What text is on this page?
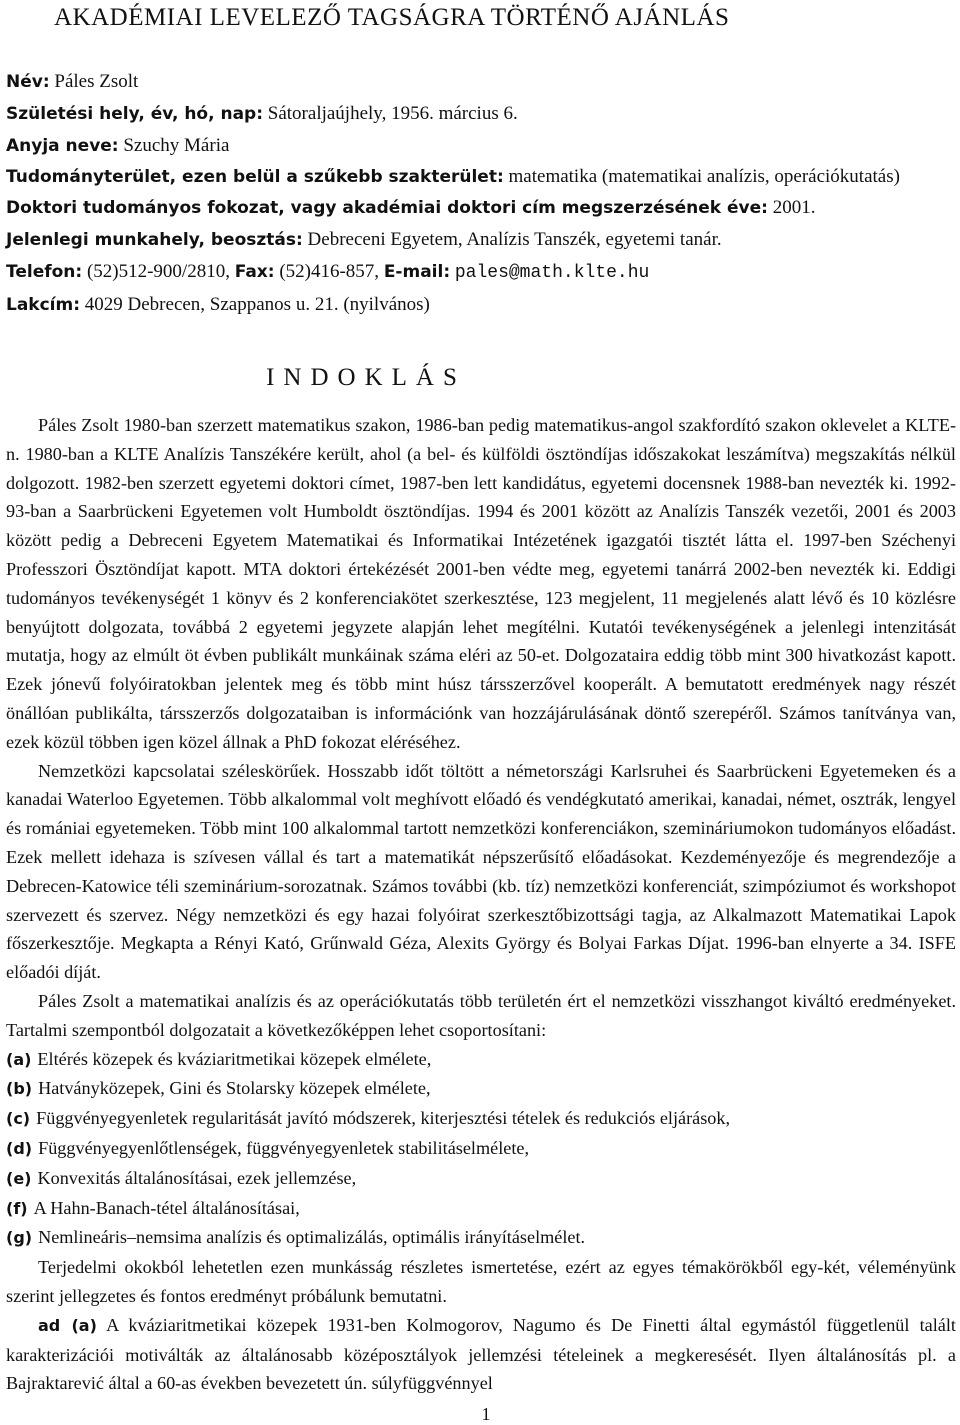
AKADÉMIAI LEVELEZŐ TAGSÁGRA TÖRTÉNŐ AJÁNLÁS

Név: Páles Zsolt

Születési hely, év, hó, nap: Sátoraljaújhely, 1956. március 6.

Anyja neve: Szuchy Mária

Tudományterület, ezen belül a szűkebb szakterület: matematika (matematikai analízis, operációkutatás)

Doktori tudományos fokozat, vagy akadémiai doktori cím megszerzésének éve: 2001.

Jelenlegi munkahely, beosztás: Debreceni Egyetem, Analízis Tanszék, egyetemi tanár.

Telefon: (52)512-900/2810, Fax: (52)416-857, E-mail: pales@math.klte.hu

Lakcím: 4029 Debrecen, Szappanos u. 21. (nyilvános)

INDOKLÁS

Páles Zsolt 1980-ban szerzett matematikus szakon, 1986-ban pedig matematikus-angol szakfordító szakon oklevelet a KLTE-n. 1980-ban a KLTE Analízis Tanszékére került, ahol (a bel- és külföldi ösztöndíjas időszakokat leszámítva) megszakítás nélkül dolgozott. 1982-ben szerzett egyetemi doktori címet, 1987-ben lett kandidátus, egyetemi docensnek 1988-ban nevezték ki. 1992-93-ban a Saarbrückeni Egyetemen volt Humboldt ösztöndíjas. 1994 és 2001 között az Analízis Tanszék vezetői, 2001 és 2003 között pedig a Debreceni Egyetem Matematikai és Informatikai Intézetének igazgatói tisztét látta el. 1997-ben Széchenyi Professzori Ösztöndíjat kapott. MTA doktori értekézését 2001-ben védte meg, egyetemi tanárrá 2002-ben nevezték ki. Eddigi tudományos tevékenységét 1 könyv és 2 konferenciakötet szerkesztése, 123 megjelent, 11 megjelenés alatt lévő és 10 közlésre benyújtott dolgozata, továbbá 2 egyetemi jegyzete alapján lehet megítélni. Kutatói tevékenységének a jelenlegi intenzitását mutatja, hogy az elmúlt öt évben publikált munkáinak száma eléri az 50-et. Dolgozataira eddig több mint 300 hivatkozást kapott. Ezek jónevű folyóiratokban jelentek meg és több mint húsz társszerzővel kooperált. A bemutatott eredmények nagy részét önállóan publikálta, társszerzős dolgozataiban is információnk van hozzájárulásának döntő szerepéről. Számos tanítványa van, ezek közül többen igen közel állnak a PhD fokozat eléréséhez.

Nemzetközi kapcsolatai széleskörűek. Hosszabb időt töltött a németországi Karlsruhei és Saarbrückeni Egyetemeken és a kanadai Waterloo Egyetemen. Több alkalommal volt meghívott előadó és vendégkutató amerikai, kanadai, német, osztrák, lengyel és romániai egyetemeken. Több mint 100 alkalommal tartott nemzetközi konferenciákon, szemináriumokon tudományos előadást. Ezek mellett idehaza is szívesen vállal és tart a matematikát népszerűsítő előadásokat. Kezdeményezője és megrendezője a Debrecen-Katowice téli szeminárium-sorozatnak. Számos további (kb. tíz) nemzetközi konferenciát, szimpóziumot és workshopot szervezett és szervez. Négy nemzetközi és egy hazai folyóirat szerkesztőbizottsági tagja, az Alkalmazott Matematikai Lapok főszerkesztője. Megkapta a Rényi Kató, Grűnwald Géza, Alexits György és Bolyai Farkas Díjat. 1996-ban elnyerte a 34. ISFE előadói díját.

Páles Zsolt a matematikai analízis és az operációkutatás több területén ért el nemzetközi visszhangot kiváltó eredményeket. Tartalmi szempontból dolgozatait a következőképpen lehet csoportosítani:

(a) Eltérés közepek és kváziaritmetikai közepek elmélete,
(b) Hatványközepek, Gini és Stolarsky közepek elmélete,
(c) Függvényegyenletek regularitását javító módszerek, kiterjesztési tételek és redukciós eljárások,
(d) Függvényegyenlőtlenségek, függvényegyenletek stabilitáselmélete,
(e) Konvexitás általánosításai, ezek jellemzése,
(f) A Hahn-Banach-tétel általánosításai,
(g) Nemlineáris–nemsima analízis és optimalizálás, optimális irányításelmélet.

Terjedelmi okokból lehetetlen ezen munkásság részletes ismertetése, ezért az egyes témakörökből egy-két, véleményünk szerint jellegzetes és fontos eredményt próbálunk bemutatni.

ad (a) A kváziaritmetikai közepek 1931-ben Kolmogorov, Nagumo és De Finetti által egymástól függetlenül talált karakterizációi motiválták az általánosabb középosztályok jellemzési tételeinek a megkeresését. Ilyen általánosítás pl. a Bajraktarević által a 60-as években bevezetett ún. súlyfüggvénnyel

1
